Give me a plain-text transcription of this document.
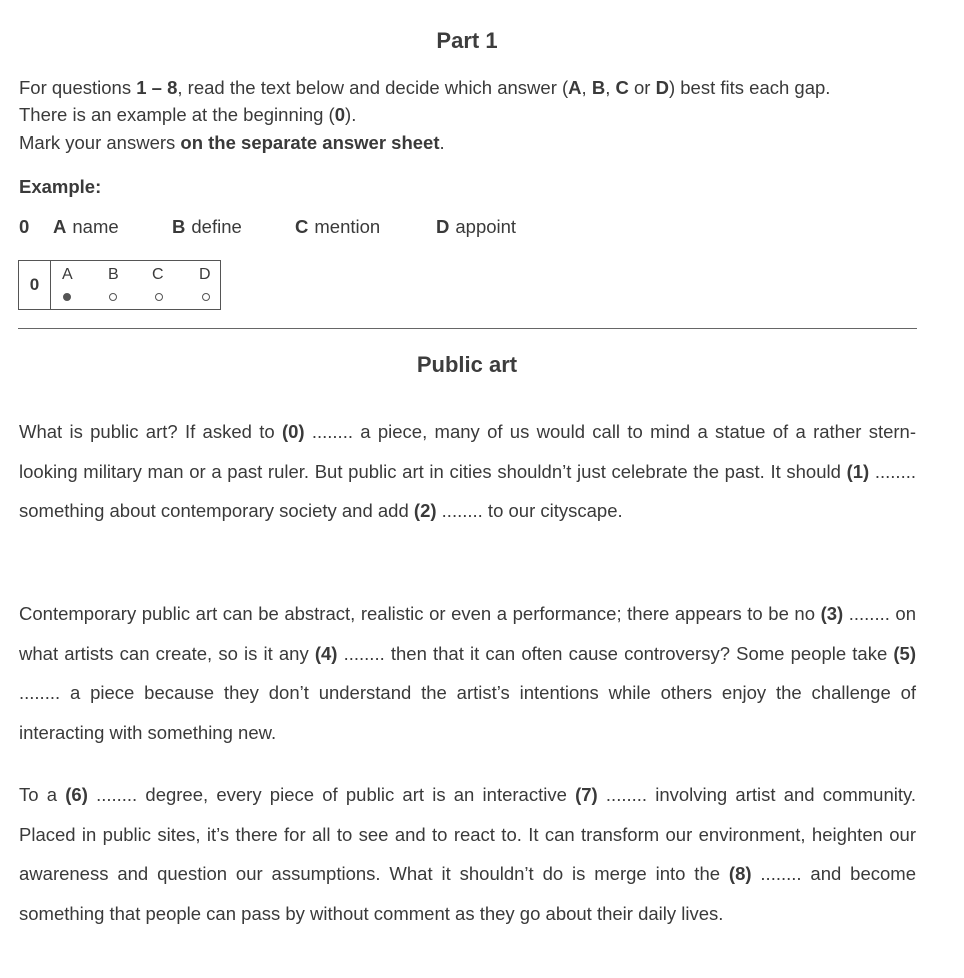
Part 1
For questions 1 – 8, read the text below and decide which answer (A, B, C or D) best fits each gap.
There is an example at the beginning (0).
Mark your answers on the separate answer sheet.
Example:
0 A name	B define	C mention	D appoint
0
A B C D
Public art
What is public art? If asked to (0) ........ a piece, many of us would call to mind a statue of a rather stern-looking military man or a past ruler. But public art in cities shouldn’t just celebrate the past. It should (1) ........ something about contemporary society and add (2) ........ to our cityscape.
Contemporary public art can be abstract, realistic or even a performance; there appears to be no (3) ........ on what artists can create, so is it any (4) ........ then that it can often cause controversy? Some people take (5) ........ a piece because they don’t understand the artist’s intentions while others enjoy the challenge of interacting with something new.
To a (6) ........ degree, every piece of public art is an interactive (7) ........ involving artist and community. Placed in public sites, it’s there for all to see and to react to. It can transform our environment, heighten our awareness and question our assumptions. What it shouldn’t do is merge into the (8) ........ and become something that people can pass by without comment as they go about their daily lives.
